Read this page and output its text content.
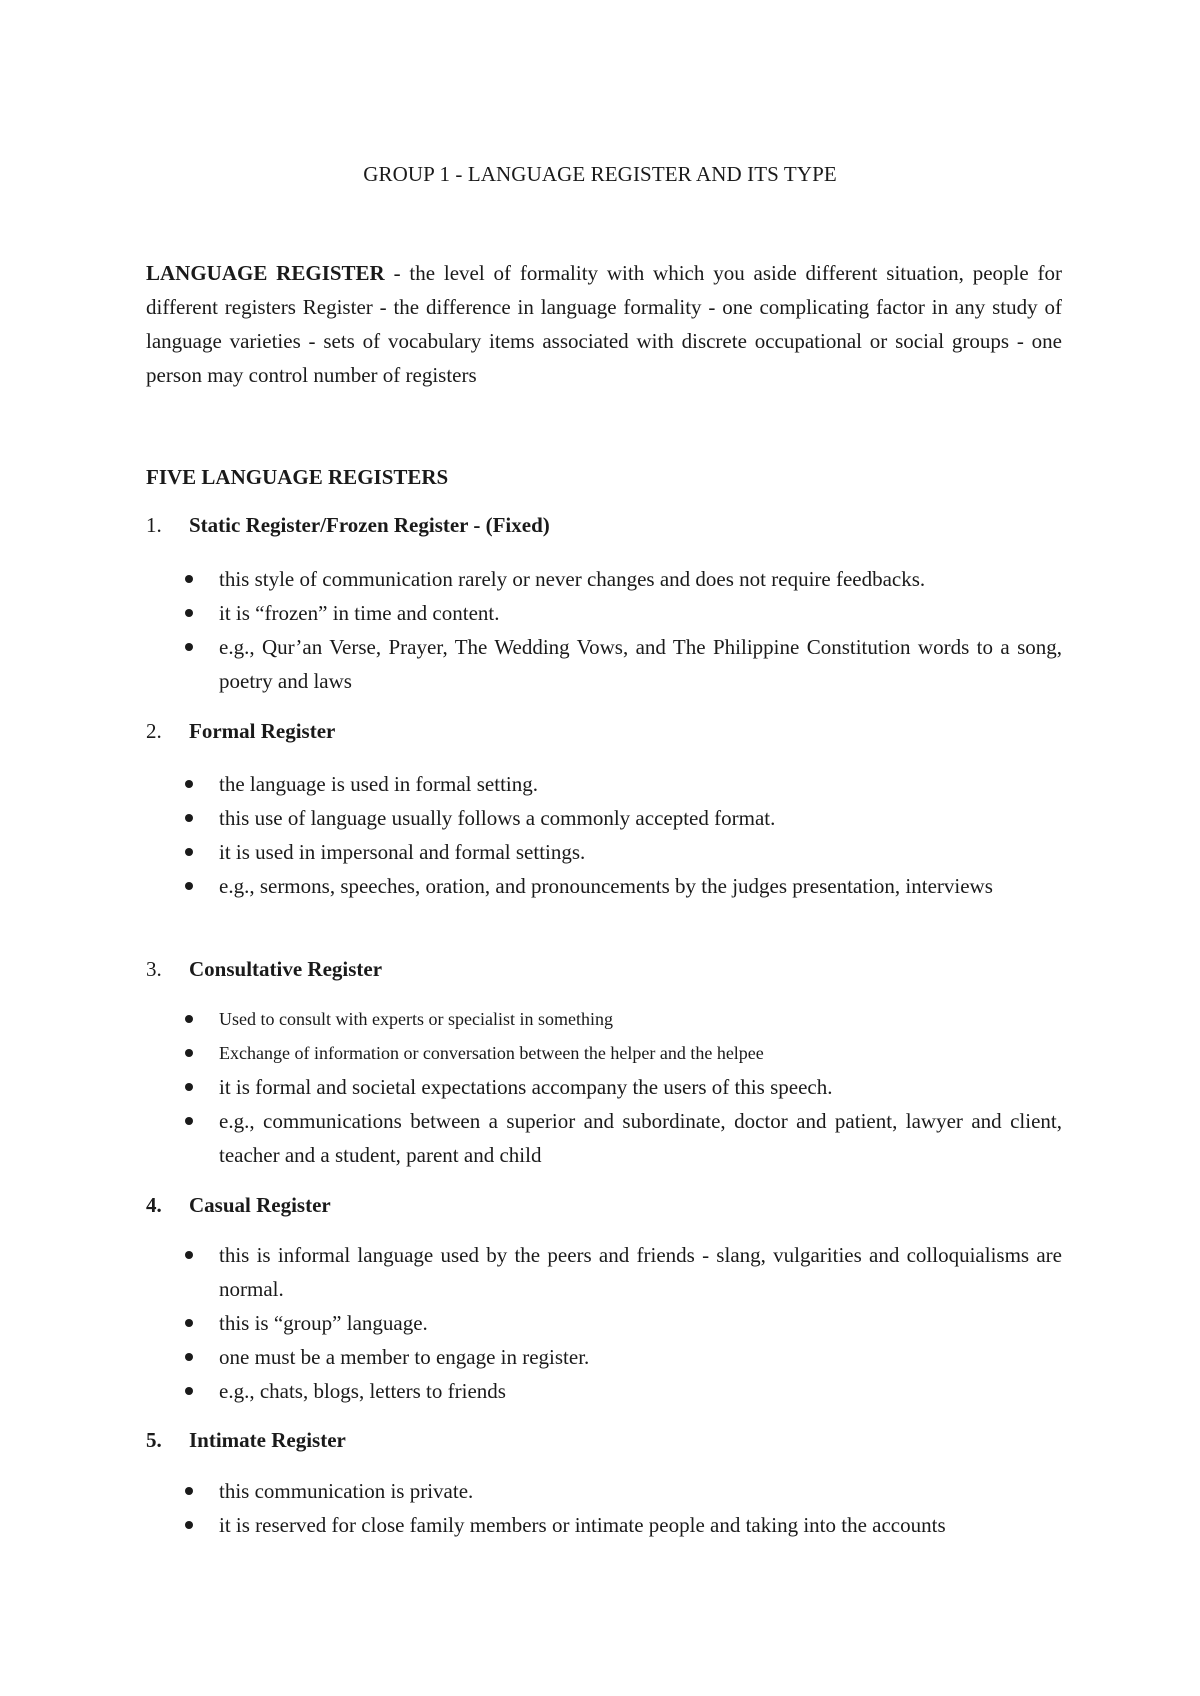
GROUP 1 - LANGUAGE REGISTER AND ITS TYPE

LANGUAGE REGISTER - the level of formality with which you aside different situation, people for different registers Register - the difference in language formality - one complicating factor in any study of language varieties - sets of vocabulary items associated with discrete occupational or social groups - one person may control number of registers

FIVE LANGUAGE REGISTERS
1. Static Register/Frozen Register - (Fixed)
this style of communication rarely or never changes and does not require feedbacks.
it is “frozen” in time and content.
e.g., Qur’an Verse, Prayer, The Wedding Vows, and The Philippine Constitution words to a song, poetry and laws
2. Formal Register
the language is used in formal setting.
this use of language usually follows a commonly accepted format.
it is used in impersonal and formal settings.
e.g., sermons, speeches, oration, and pronouncements by the judges presentation, interviews
3. Consultative Register
Used to consult with experts or specialist in something
Exchange of information or conversation between the helper and the helpee
it is formal and societal expectations accompany the users of this speech.
e.g., communications between a superior and subordinate, doctor and patient, lawyer and client, teacher and a student, parent and child
4. Casual Register
this is informal language used by the peers and friends - slang, vulgarities and colloquialisms are normal.
this is “group” language.
one must be a member to engage in register.
e.g., chats, blogs, letters to friends
5. Intimate Register
this communication is private.
it is reserved for close family members or intimate people and taking into the accounts
